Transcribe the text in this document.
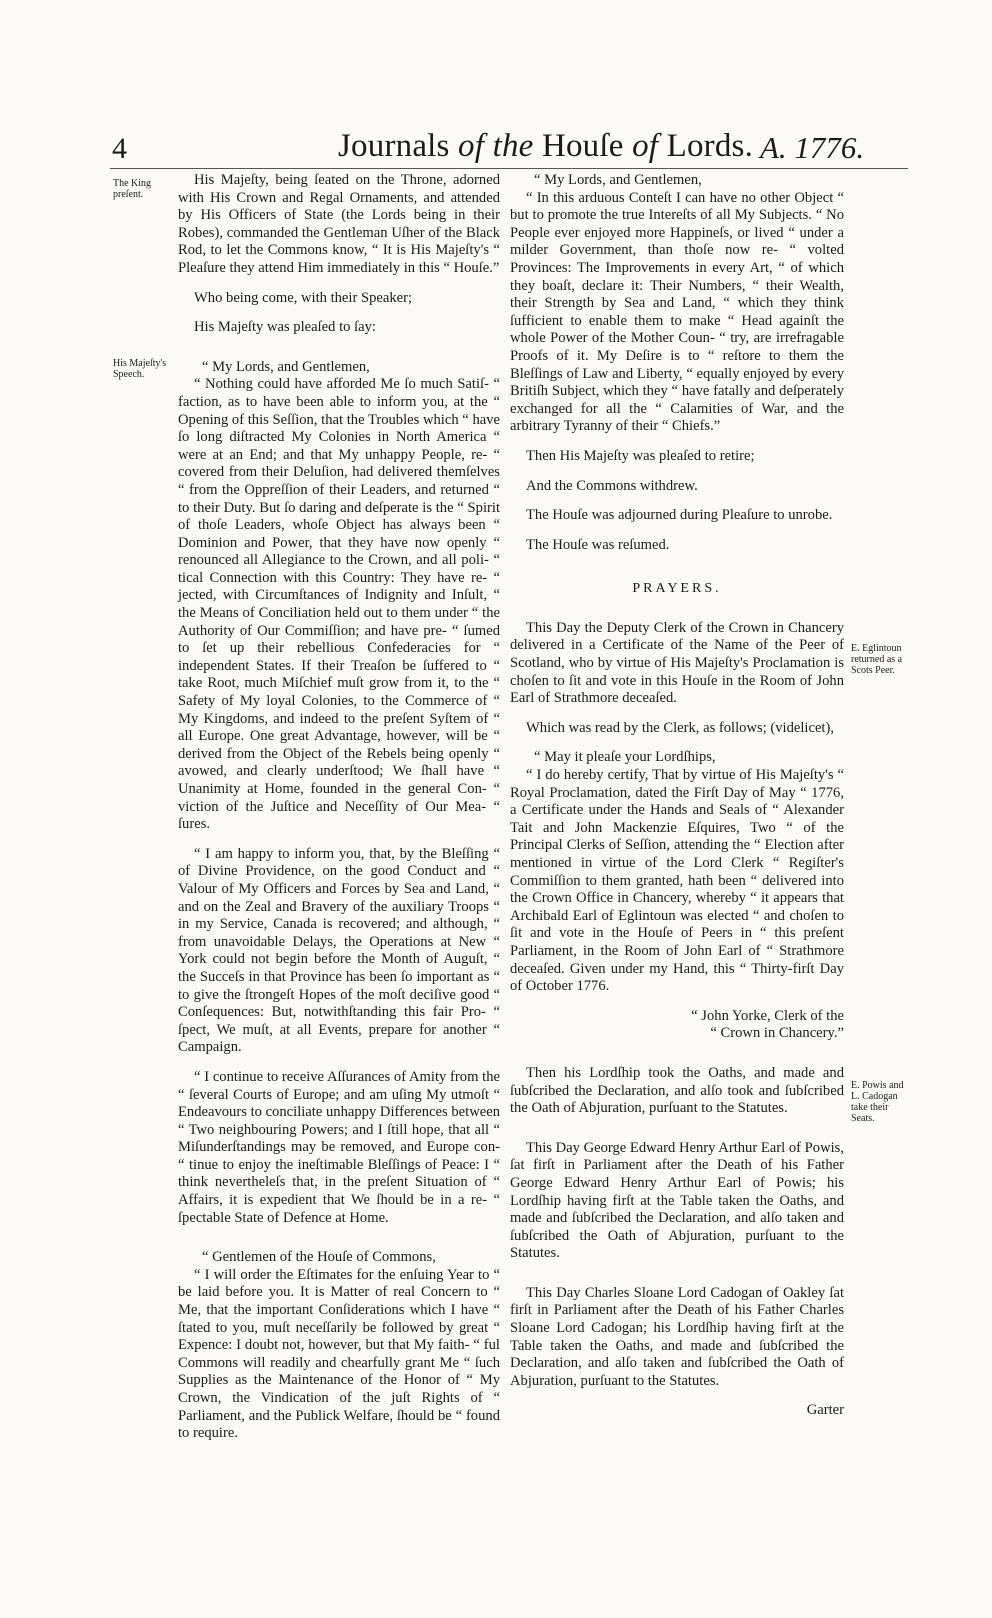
4	Journals of the Houſe of Lords. A. 1776.
The King
preſent.
His Majeſty's
Speech.
E. Eglintoun
returned as a
Scots Peer.
E. Powis and
L. Cadogan
take their
Seats.

His Majeſty, being ſeated on the Throne, adorned with His Crown and Regal Ornaments, and attended by His Officers of State (the Lords being in their Robes), commanded the Gentleman Uſher of the Black Rod, to let the Commons know, “ It is His Majeſty's “ Pleaſure they attend Him immediately in this “ Houſe.”

Who being come, with their Speaker;

His Majeſty was pleaſed to ſay:

“ My Lords, and Gentlemen,

“ Nothing could have afforded Me ſo much Satiſ- “ faction, as to have been able to inform you, at the “ Opening of this Seſſion, that the Troubles which “ have ſo long diſtracted My Colonies in North America “ were at an End; and that My unhappy People, re- “ covered from their Deluſion, had delivered themſelves “ from the Oppreſſion of their Leaders, and returned “ to their Duty. But ſo daring and deſperate is the “ Spirit of thoſe Leaders, whoſe Object has always been “ Dominion and Power, that they have now openly “ renounced all Allegiance to the Crown, and all poli- “ tical Connection with this Country: They have re- “ jected, with Circumſtances of Indignity and Inſult, “ the Means of Conciliation held out to them under “ the Authority of Our Commiſſion; and have pre- “ ſumed to ſet up their rebellious Confederacies for “ independent States. If their Treaſon be ſuffered to “ take Root, much Miſchief muſt grow from it, to the “ Safety of My loyal Colonies, to the Commerce of “ My Kingdoms, and indeed to the preſent Syſtem of “ all Europe. One great Advantage, however, will be “ derived from the Object of the Rebels being openly “ avowed, and clearly underſtood; We ſhall have “ Unanimity at Home, founded in the general Con- “ viction of the Juſtice and Neceſſity of Our Mea- “ ſures.

“ I am happy to inform you, that, by the Bleſſing “ of Divine Providence, on the good Conduct and “ Valour of My Officers and Forces by Sea and Land, “ and on the Zeal and Bravery of the auxiliary Troops “ in my Service, Canada is recovered; and although, “ from unavoidable Delays, the Operations at New “ York could not begin before the Month of Auguſt, “ the Succeſs in that Province has been ſo important as “ to give the ſtrongeſt Hopes of the moſt deciſive good “ Conſequences: But, notwithſtanding this fair Pro- “ ſpect, We muſt, at all Events, prepare for another “ Campaign.

“ I continue to receive Aſſurances of Amity from the “ ſeveral Courts of Europe; and am uſing My utmoſt “ Endeavours to conciliate unhappy Differences between “ Two neighbouring Powers; and I ſtill hope, that all “ Miſunderſtandings may be removed, and Europe con- “ tinue to enjoy the ineſtimable Bleſſings of Peace: I “ think nevertheleſs that, in the preſent Situation of “ Affairs, it is expedient that We ſhould be in a re- “ ſpectable State of Defence at Home.

“ Gentlemen of the Houſe of Commons,

“ I will order the Eſtimates for the enſuing Year to “ be laid before you. It is Matter of real Concern to “ Me, that the important Conſiderations which I have “ ſtated to you, muſt neceſſarily be followed by great “ Expence: I doubt not, however, but that My faith- “ ful Commons will readily and chearfully grant Me “ ſuch Supplies as the Maintenance of the Honor of “ My Crown, the Vindication of the juſt Rights of “ Parliament, and the Publick Welfare, ſhould be “ found to require.

“ My Lords, and Gentlemen,

“ In this arduous Conteſt I can have no other Object “ but to promote the true Intereſts of all My Subjects. “ No People ever enjoyed more Happineſs, or lived “ under a milder Government, than thoſe now re- “ volted Provinces: The Improvements in every Art, “ of which they boaſt, declare it: Their Numbers, “ their Wealth, their Strength by Sea and Land, “ which they think ſufficient to enable them to make “ Head againſt the whole Power of the Mother Coun- “ try, are irrefragable Proofs of it. My Deſire is to “ reſtore to them the Bleſſings of Law and Liberty, “ equally enjoyed by every Britiſh Subject, which they “ have fatally and deſperately exchanged for all the “ Calamities of War, and the arbitrary Tyranny of their “ Chiefs.”

Then His Majeſty was pleaſed to retire;

And the Commons withdrew.

The Houſe was adjourned during Pleaſure to unrobe.

The Houſe was reſumed.

PRAYERS.

This Day the Deputy Clerk of the Crown in Chancery delivered in a Certificate of the Name of the Peer of Scotland, who by virtue of His Majeſty's Proclamation is choſen to ſit and vote in this Houſe in the Room of John Earl of Strathmore deceaſed.

Which was read by the Clerk, as follows; (videlicet),

“ May it pleaſe your Lordſhips,

“ I do hereby certify, That by virtue of His Majeſty's “ Royal Proclamation, dated the Firſt Day of May “ 1776, a Certificate under the Hands and Seals of “ Alexander Tait and John Mackenzie Eſquires, Two “ of the Principal Clerks of Seſſion, attending the “ Election after mentioned in virtue of the Lord Clerk “ Regiſter's Commiſſion to them granted, hath been “ delivered into the Crown Office in Chancery, whereby “ it appears that Archibald Earl of Eglintoun was elected “ and choſen to ſit and vote in the Houſe of Peers in “ this preſent Parliament, in the Room of John Earl of “ Strathmore deceaſed. Given under my Hand, this “ Thirty-firſt Day of October 1776.

“ John Yorke, Clerk of the

“ Crown in Chancery.”

Then his Lordſhip took the Oaths, and made and ſubſcribed the Declaration, and alſo took and ſubſcribed the Oath of Abjuration, purſuant to the Statutes.

This Day George Edward Henry Arthur Earl of Powis, ſat firſt in Parliament after the Death of his Father George Edward Henry Arthur Earl of Powis; his Lordſhip having firſt at the Table taken the Oaths, and made and ſubſcribed the Declaration, and alſo taken and ſubſcribed the Oath of Abjuration, purſuant to the Statutes.

This Day Charles Sloane Lord Cadogan of Oakley ſat firſt in Parliament after the Death of his Father Charles Sloane Lord Cadogan; his Lordſhip having firſt at the Table taken the Oaths, and made and ſubſcribed the Declaration, and alſo taken and ſubſcribed the Oath of Abjuration, purſuant to the Statutes.

Garter
